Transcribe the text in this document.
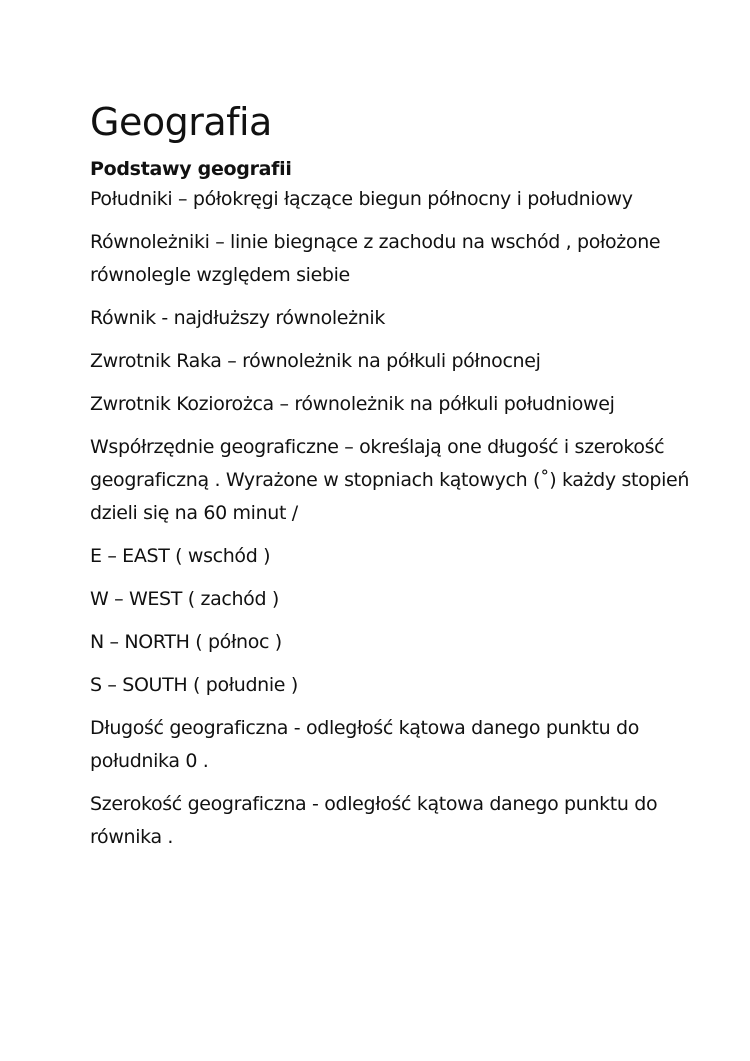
Geografia
Podstawy geografii

Południki – półokręgi łączące biegun północny i południowy

Równoleżniki – linie biegnące z zachodu na wschód , położone równolegle względem siebie

Równik - najdłuższy równoleżnik

Zwrotnik Raka – równoleżnik na półkuli północnej

Zwrotnik Koziorożca – równoleżnik na półkuli południowej

Współrzędnie geograficzne – określają one długość i szerokość geograficzną . Wyrażone w stopniach kątowych (˚) każdy stopień dzieli się na 60 minut /

E – EAST ( wschód )

W – WEST ( zachód )

N – NORTH ( północ )

S – SOUTH ( południe )

Długość geograficzna - odległość kątowa danego punktu do południka 0 .

Szerokość geograficzna - odległość kątowa danego punktu do równika .
